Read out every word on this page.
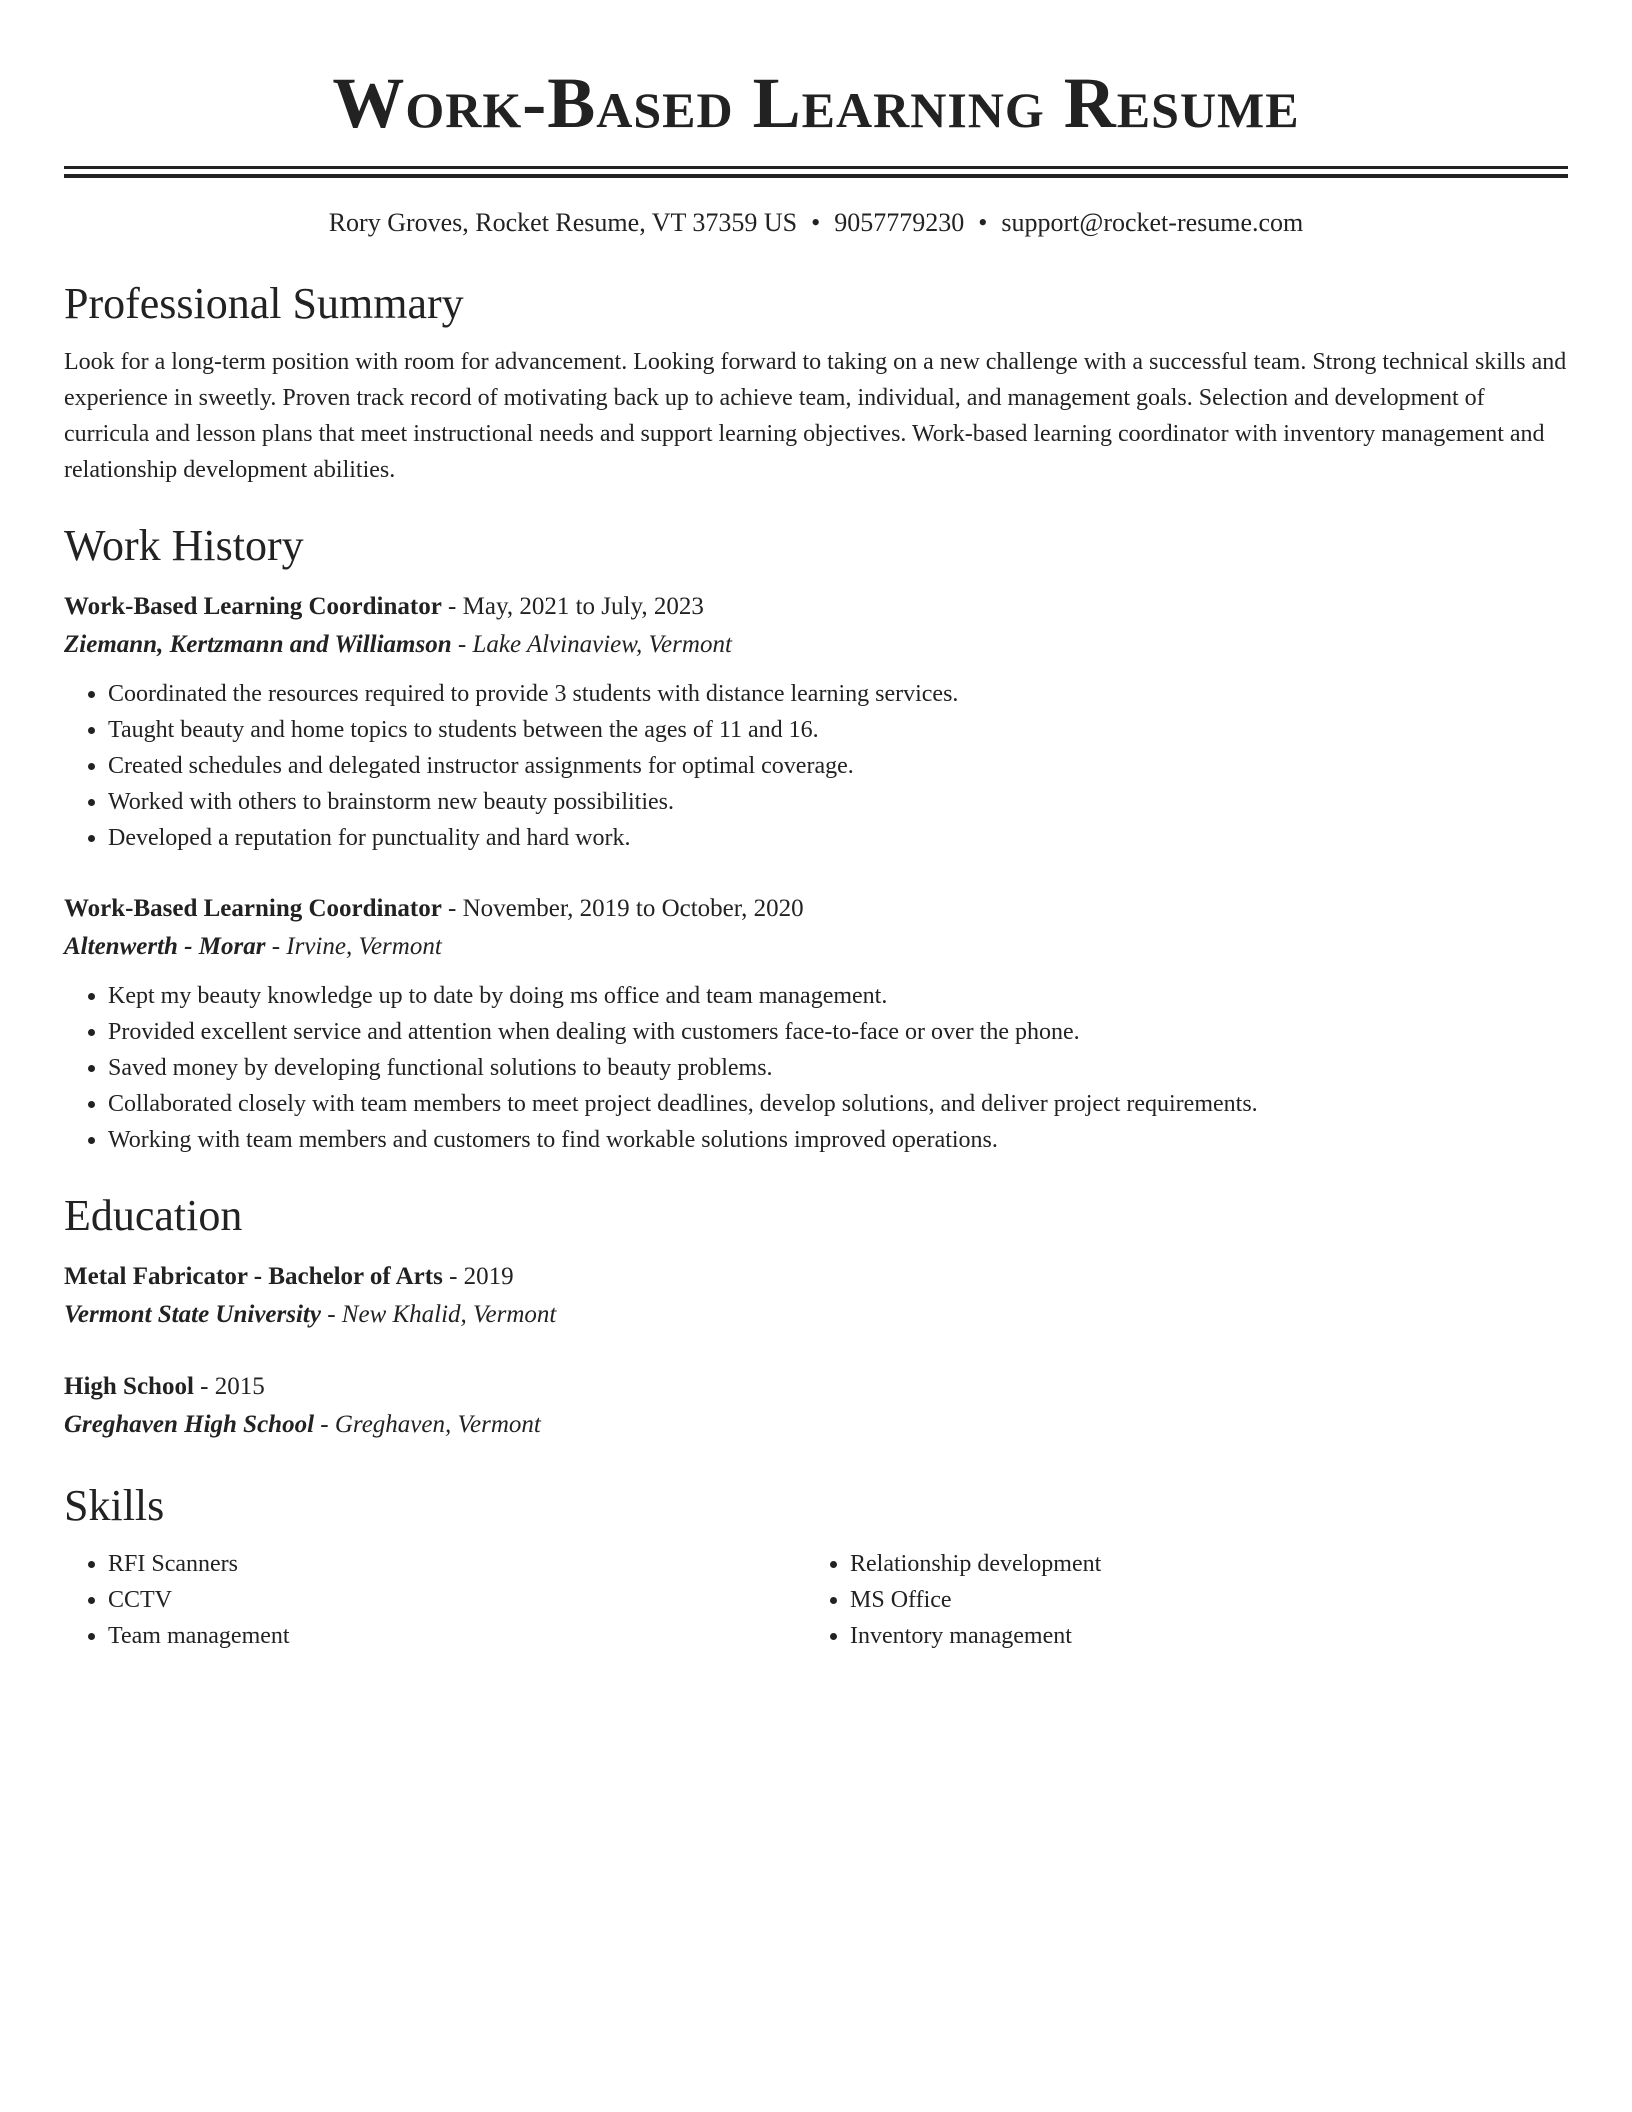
Work-Based Learning Resume
Rory Groves, Rocket Resume, VT 37359 US • 9057779230 • support@rocket-resume.com
Professional Summary
Look for a long-term position with room for advancement. Looking forward to taking on a new challenge with a successful team. Strong technical skills and experience in sweetly. Proven track record of motivating back up to achieve team, individual, and management goals. Selection and development of curricula and lesson plans that meet instructional needs and support learning objectives. Work-based learning coordinator with inventory management and relationship development abilities.
Work History
Work-Based Learning Coordinator - May, 2021 to July, 2023
Ziemann, Kertzmann and Williamson - Lake Alvinaview, Vermont
• Coordinated the resources required to provide 3 students with distance learning services.
• Taught beauty and home topics to students between the ages of 11 and 16.
• Created schedules and delegated instructor assignments for optimal coverage.
• Worked with others to brainstorm new beauty possibilities.
• Developed a reputation for punctuality and hard work.
Work-Based Learning Coordinator - November, 2019 to October, 2020
Altenwerth - Morar - Irvine, Vermont
• Kept my beauty knowledge up to date by doing ms office and team management.
• Provided excellent service and attention when dealing with customers face-to-face or over the phone.
• Saved money by developing functional solutions to beauty problems.
• Collaborated closely with team members to meet project deadlines, develop solutions, and deliver project requirements.
• Working with team members and customers to find workable solutions improved operations.
Education
Metal Fabricator - Bachelor of Arts - 2019
Vermont State University - New Khalid, Vermont
High School - 2015
Greghaven High School - Greghaven, Vermont
Skills
• RFI Scanners
• CCTV
• Team management
• Relationship development
• MS Office
• Inventory management
